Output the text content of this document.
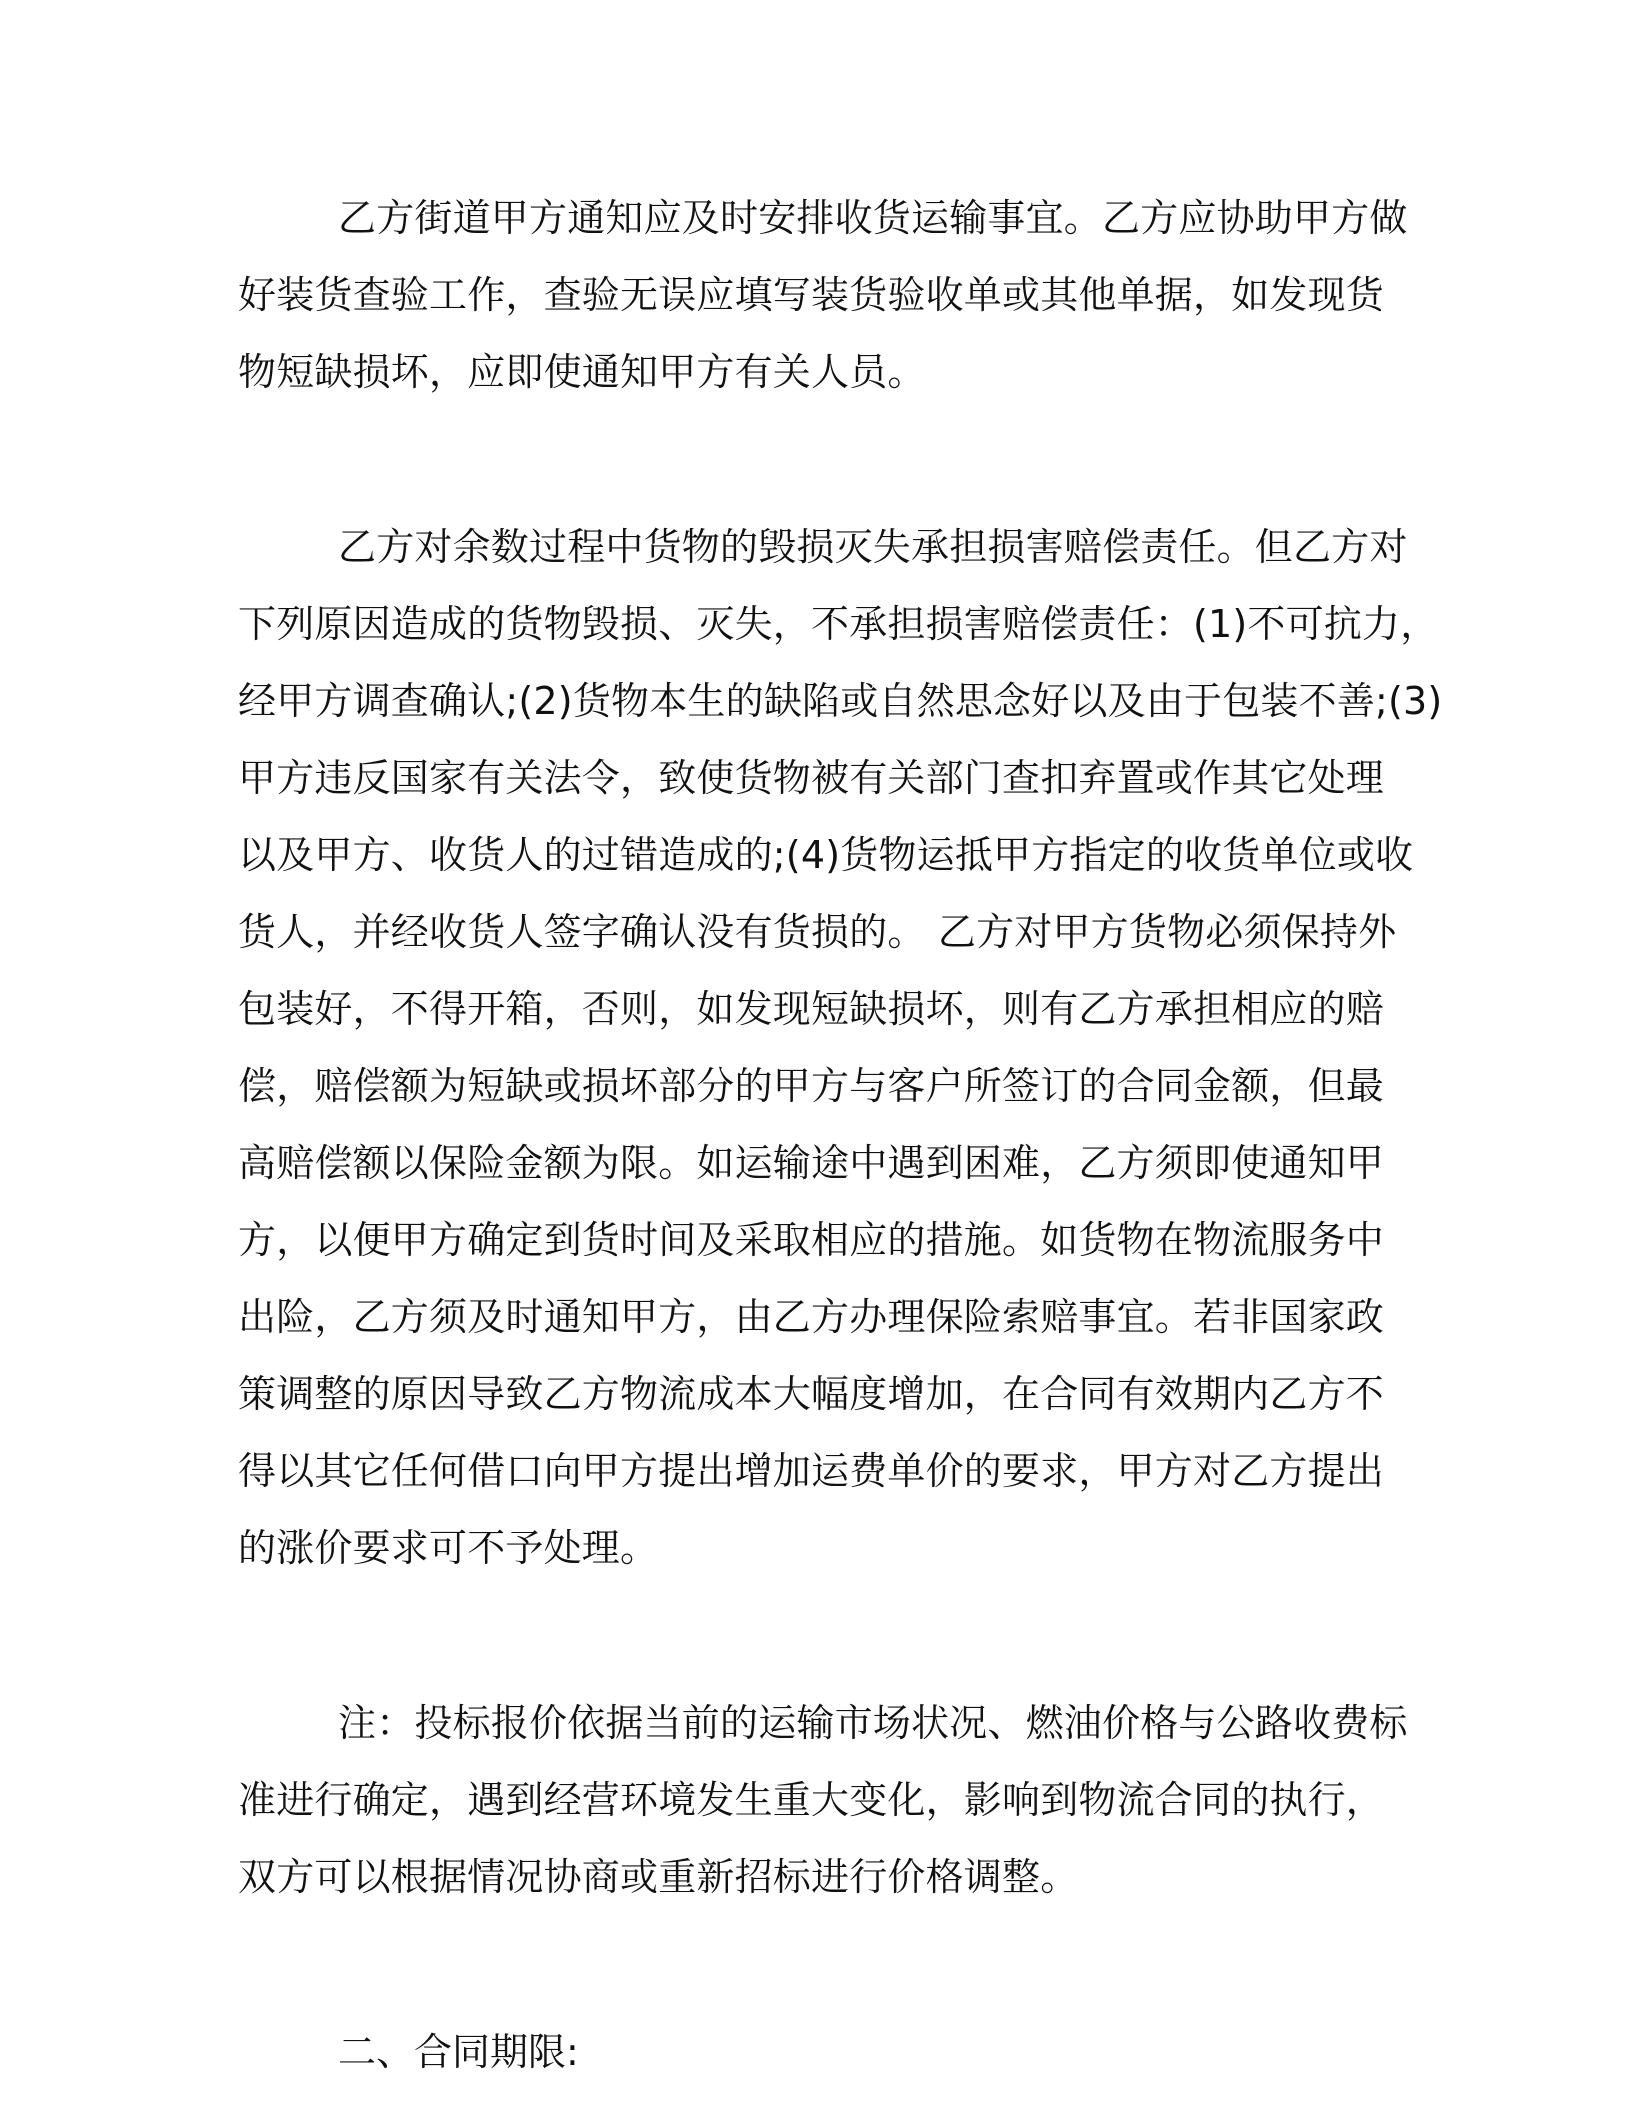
乙方街道甲方通知应及时安排收货运输事宜。乙方应协助甲方做
好装货查验工作，查验无误应填写装货验收单或其他单据，如发现货
物短缺损坏，应即使通知甲方有关人员。
乙方对余数过程中货物的毁损灭失承担损害赔偿责任。但乙方对
下列原因造成的货物毁损、灭失，不承担损害赔偿责任：(1)不可抗力，
经甲方调查确认;(2)货物本生的缺陷或自然思念好以及由于包装不善;(3)
甲方违反国家有关法令，致使货物被有关部门查扣弃置或作其它处理
以及甲方、收货人的过错造成的;(4)货物运抵甲方指定的收货单位或收
货人，并经收货人签字确认没有货损的。 乙方对甲方货物必须保持外
包装好，不得开箱，否则，如发现短缺损坏，则有乙方承担相应的赔
偿，赔偿额为短缺或损坏部分的甲方与客户所签订的合同金额，但最
高赔偿额以保险金额为限。如运输途中遇到困难，乙方须即使通知甲
方，以便甲方确定到货时间及采取相应的措施。如货物在物流服务中
出险，乙方须及时通知甲方，由乙方办理保险索赔事宜。若非国家政
策调整的原因导致乙方物流成本大幅度增加，在合同有效期内乙方不
得以其它任何借口向甲方提出增加运费单价的要求，甲方对乙方提出
的涨价要求可不予处理。
注：投标报价依据当前的运输市场状况、燃油价格与公路收费标
准进行确定，遇到经营环境发生重大变化，影响到物流合同的执行，
双方可以根据情况协商或重新招标进行价格调整。

二、合同期限:
